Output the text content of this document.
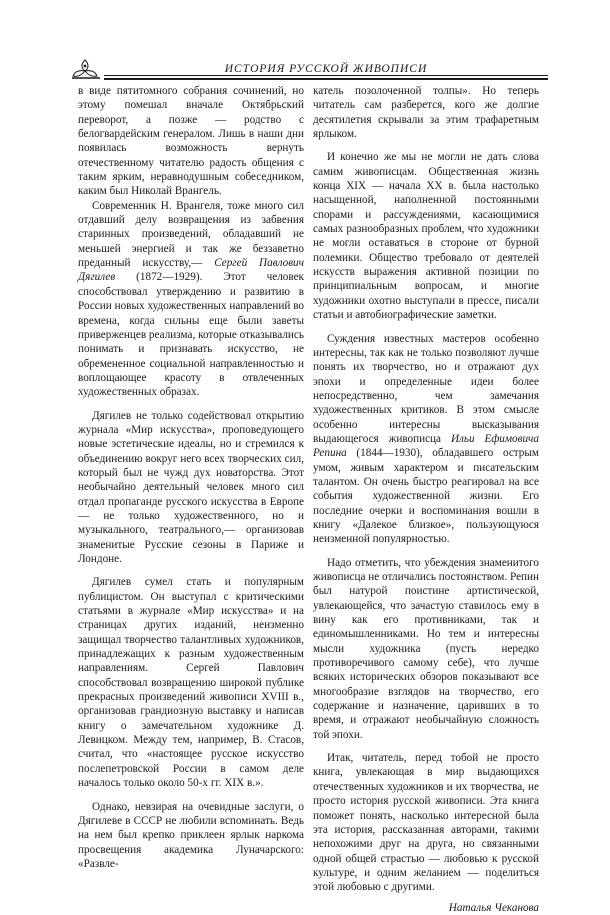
ИСТОРИЯ РУССКОЙ ЖИВОПИСИ

в виде пятитомного собрания сочинений, но этому помешал вначале Октябрьский переворот, а позже — родство с белогвардейским генералом. Лишь в наши дни появилась возможность вернуть отечественному читателю радость общения с таким ярким, неравнодушным собеседником, каким был Николай Врангель.

Современник Н. Врангеля, тоже много сил отдавший делу возвращения из забвения старинных произведений, обладавший не меньшей энергией и так же беззаветно преданный искусству,— Сергей Павлович Дягилев (1872—1929). Этот человек способствовал утверждению и развитию в России новых художественных направлений во времена, когда сильны еще были заветы приверженцев реализма, которые отказывались понимать и признавать искусство, не обремененное социальной направленностью и воплощающее красоту в отвлеченных художественных образах.

Дягилев не только содействовал открытию журнала «Мир искусства», проповедующего новые эстетические идеалы, но и стремился к объединению вокруг него всех творческих сил, который был не чужд дух новаторства. Этот необычайно деятельный человек много сил отдал пропаганде русского искусства в Европе — не только художественного, но и музыкального, театрального,— организовав знаменитые Русские сезоны в Париже и Лондоне.

Дягилев сумел стать и популярным публицистом. Он выступал с критическими статьями в журнале «Мир искусства» и на страницах других изданий, неизменно защищал творчество талантливых художников, принадлежащих к разным художественным направлениям. Сергей Павлович способствовал возвращению широкой публике прекрасных произведений живописи XVIII в., организовав грандиозную выставку и написав книгу о замечательном художнике Д. Левицком. Между тем, например, В. Стасов, считал, что «настоящее русское искусство послепетровской России в самом деле началось только около 50-х гг. XIX в.».

Однако, невзирая на очевидные заслуги, о Дягилеве в СССР не любили вспоминать. Ведь на нем был крепко приклеен ярлык наркома просвещения академика Луначарского: «Развле-

катель позолоченной толпы». Но теперь читатель сам разберется, кого же долгие десятилетия скрывали за этим трафаретным ярлыком.

И конечно же мы не могли не дать слова самим живописцам. Общественная жизнь конца XIX — начала XX в. была настолько насыщенной, наполненной постоянными спорами и рассуждениями, касающимися самых разнообразных проблем, что художники не могли оставаться в стороне от бурной полемики. Общество требовало от деятелей искусств выражения активной позиции по принципиальным вопросам, и многие художники охотно выступали в прессе, писали статьи и автобиографические заметки.

Суждения известных мастеров особенно интересны, так как не только позволяют лучше понять их творчество, но и отражают дух эпохи и определенные идеи более непосредственно, чем замечания художественных критиков. В этом смысле особенно интересны высказывания выдающегося живописца Ильи Ефимовича Репина (1844—1930), обладавшего острым умом, живым характером и писательским талантом. Он очень быстро реагировал на все события художественной жизни. Его последние очерки и воспоминания вошли в книгу «Далекое близкое», пользующуюся неизменной популярностью.

Надо отметить, что убеждения знаменитого живописца не отличались постоянством. Репин был натурой поистине артистической, увлекающейся, что зачастую ставилось ему в вину как его противниками, так и единомышленниками. Но тем и интересны мысли художника (пусть нередко противоречивого самому себе), что лучше всяких исторических обзоров показывают все многообразие взглядов на творчество, его содержание и назначение, царивших в то время, и отражают необычайную сложность той эпохи.

Итак, читатель, перед тобой не просто книга, увлекающая в мир выдающихся отечественных художников и их творчества, не просто история русской живописи. Эта книга поможет понять, насколько интересной была эта история, рассказанная авторами, такими непохожими друг на друга, но связанными одной общей страстью — любовью к русской культуре, и одним желанием — поделиться этой любовью с другими.

Наталья Чеканова
